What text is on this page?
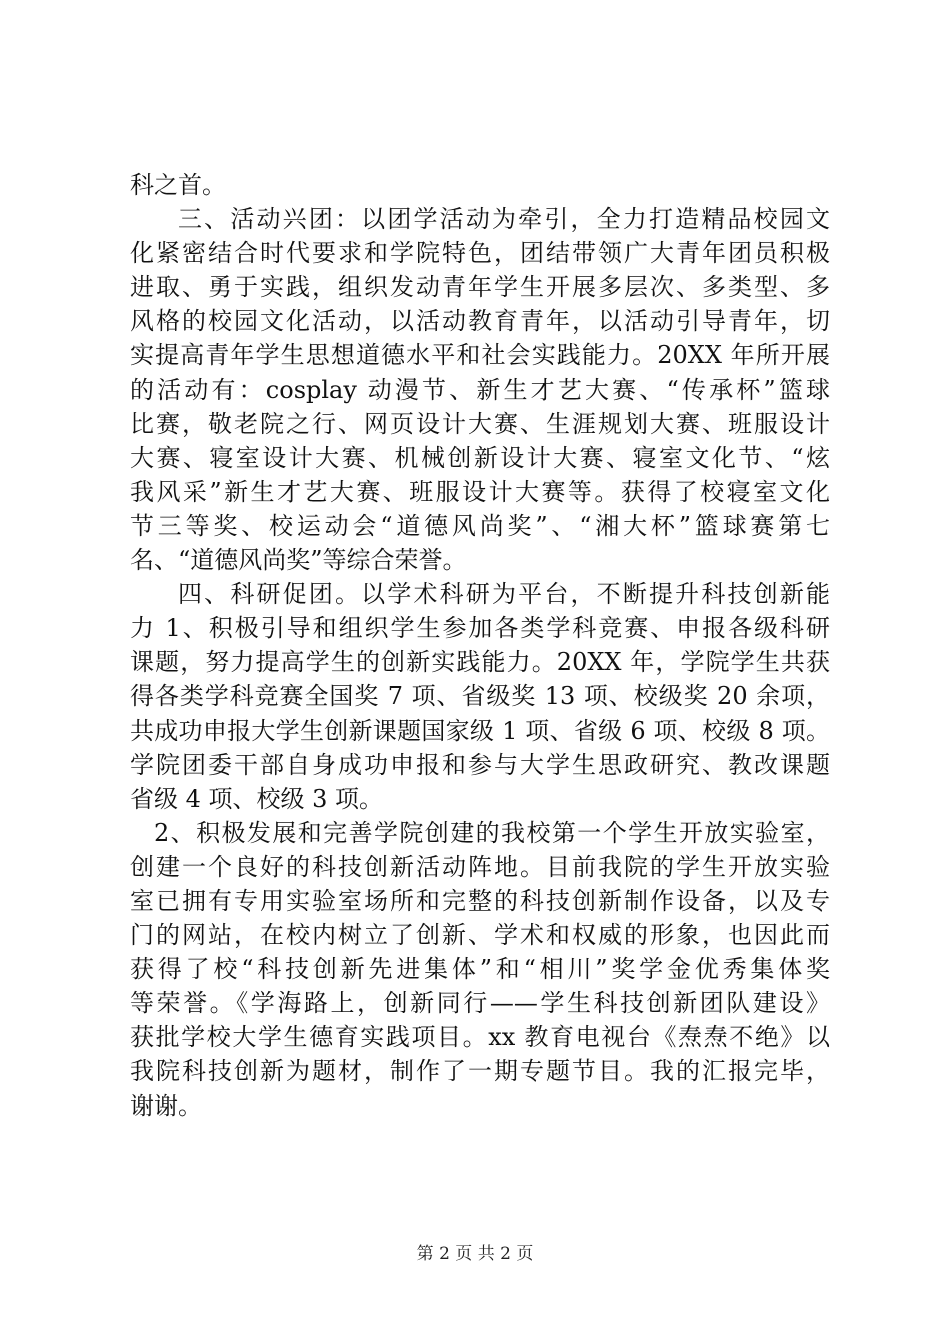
科之首。
三、活动兴团：以团学活动为牵引，全力打造精品校园文
化紧密结合时代要求和学院特色，团结带领广大青年团员积极
进取、勇于实践，组织发动青年学生开展多层次、多类型、多
风格的校园文化活动，以活动教育青年，以活动引导青年，切
实提高青年学生思想道德水平和社会实践能力。20XX 年所开展
的活动有：cosplay 动漫节、新生才艺大赛、“传承杯”篮球
比赛，敬老院之行、网页设计大赛、生涯规划大赛、班服设计
大赛、寝室设计大赛、机械创新设计大赛、寝室文化节、“炫
我风采”新生才艺大赛、班服设计大赛等。获得了校寝室文化
节三等奖、校运动会“道德风尚奖”、“湘大杯”篮球赛第七
名、“道德风尚奖”等综合荣誉。
四、科研促团。以学术科研为平台，不断提升科技创新能
力 1、积极引导和组织学生参加各类学科竞赛、申报各级科研
课题，努力提高学生的创新实践能力。20XX 年，学院学生共获
得各类学科竞赛全国奖 7 项、省级奖 13 项、校级奖 20 余项，
共成功申报大学生创新课题国家级 1 项、省级 6 项、校级 8 项。
学院团委干部自身成功申报和参与大学生思政研究、教改课题
省级 4 项、校级 3 项。
2、积极发展和完善学院创建的我校第一个学生开放实验室，
创建一个良好的科技创新活动阵地。目前我院的学生开放实验
室已拥有专用实验室场所和完整的科技创新制作设备，以及专
门的网站，在校内树立了创新、学术和权威的形象，也因此而
获得了校“科技创新先进集体”和“相川”奖学金优秀集体奖
等荣誉。《学海路上，创新同行——学生科技创新团队建设》
获批学校大学生德育实践项目。xx 教育电视台《焘焘不绝》以
我院科技创新为题材，制作了一期专题节目。我的汇报完毕，
谢谢。
第 2 页 共 2 页
